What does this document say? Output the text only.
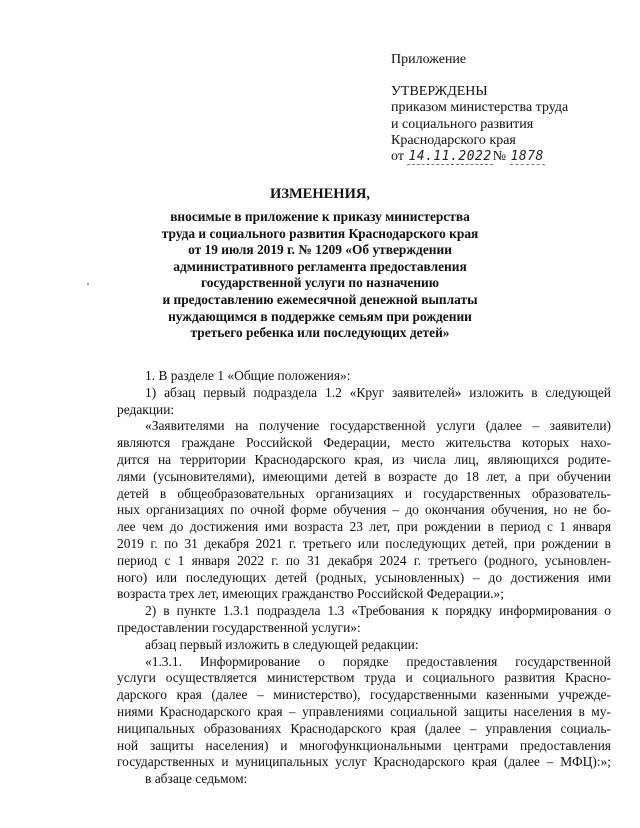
Приложение
УТВЕРЖДЕНЫ
приказом министерства труда
и социального развития
Краснодарского края
от 14.11.2022№ 1878
ИЗМЕНЕНИЯ,
вносимые в приложение к приказу министерства
труда и социального развития Краснодарского края
от 19 июля 2019 г. № 1209 «Об утверждении
административного регламента предоставления
государственной услуги по назначению
и предоставлению ежемесячной денежной выплаты
нуждающимся в поддержке семьям при рождении
третьего ребенка или последующих детей»
1. В разделе 1 «Общие положения»:
1) абзац первый подраздела 1.2 «Круг заявителей» изложить в следующей
редакции:
«Заявителями на получение государственной услуги (далее – заявители)
являются граждане Российской Федерации, место жительства которых нахо-
дится на территории Краснодарского края, из числа лиц, являющихся родите-
лями (усыновителями), имеющими детей в возрасте до 18 лет, а при обучении
детей в общеобразовательных организациях и государственных образователь-
ных организациях по очной форме обучения – до окончания обучения, но не бо-
лее чем до достижения ими возраста 23 лет, при рождении в период с 1 января
2019 г. по 31 декабря 2021 г. третьего или последующих детей, при рождении в
период с 1 января 2022 г. по 31 декабря 2024 г. третьего (родного, усыновлен-
ного) или последующих детей (родных, усыновленных) – до достижения ими
возраста трех лет, имеющих гражданство Российской Федерации.»;
2) в пункте 1.3.1 подраздела 1.3 «Требования к порядку информирования о
предоставлении государственной услуги»:
абзац первый изложить в следующей редакции:
«1.3.1. Информирование о порядке предоставления государственной
услуги осуществляется министерством труда и социального развития Красно-
дарского края (далее – министерство), государственными казенными учрежде-
ниями Краснодарского края – управлениями социальной защиты населения в му-
ниципальных образованиях Краснодарского края (далее – управления социаль-
ной защиты населения) и многофункциональными центрами предоставления
государственных и муниципальных услуг Краснодарского края (далее – МФЦ):»;
в абзаце седьмом:
